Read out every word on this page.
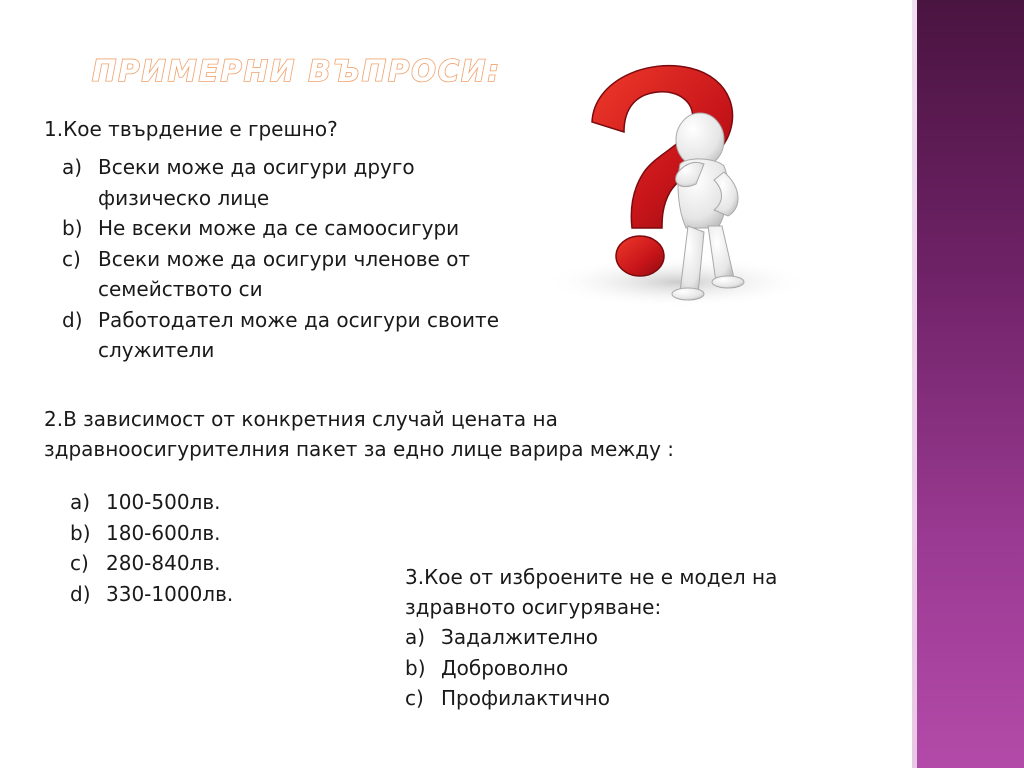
ПРИМЕРНИ ВЪПРОСИ:
1.Кое твърдение е грешно?
a) Всеки може да осигури друго физическо лице
b) Не всеки може да се самоосигури
c) Всеки може да осигури членове от семейството си
d) Работодател може да осигури своите служители
2.В зависимост от конкретния случай цената на здравноосигурителния пакет за едно лице варира между :
a) 100-500лв.
b) 180-600лв.
c) 280-840лв.
d) 330-1000лв.
3.Кое от изброените не е модел на здравното осигуряване:
a) Задалжително
b) Доброволно
c) Профилактично
